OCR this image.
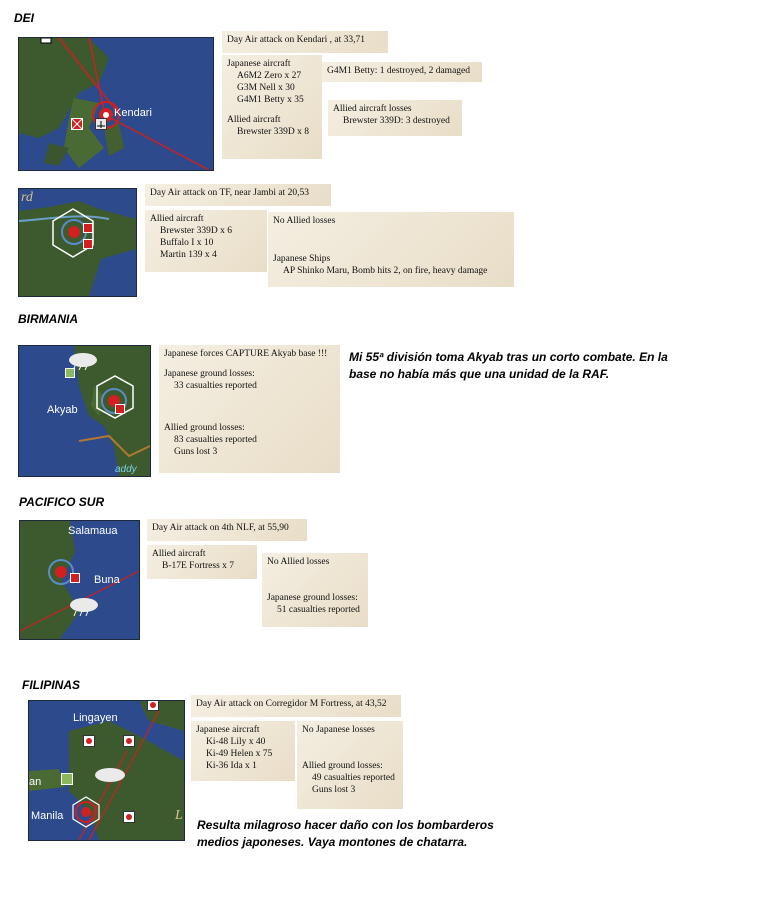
DEI
Kendari
Day Air attack on Kendari , at 33,71
Japanese aircraft
A6M2 Zero x 27
G3M Nell x 30
G4M1 Betty x 35
Allied aircraft
Brewster 339D x 8
G4M1 Betty: 1 destroyed, 2 damaged
Allied aircraft losses
Brewster 339D: 3 destroyed
rd	Day Air attack on TF, near Jambi at 20,53
Allied aircraft
Brewster 339D x 6
Buffalo I x 10
Martin 139 x 4
No Allied losses
Japanese Ships
AP Shinko Maru, Bomb hits 2, on fire, heavy damage
BIRMANIA
Akyab
addy
Japanese forces CAPTURE Akyab base !!!
Japanese ground losses:
33 casualties reported
Allied ground losses:
83 casualties reported
Guns lost 3
Mi 55ª división toma Akyab tras un corto combate. En la
base no había más que una unidad de la RAF.
PACIFICO SUR
Salamaua
Buna
Day Air attack on 4th NLF, at 55,90
Allied aircraft
B-17E Fortress x 7	No Allied losses
Japanese ground losses:
51 casualties reported
FILIPINAS
Lingayen
an
Manila	L
Day Air attack on Corregidor M Fortress, at 43,52
Japanese aircraft
Ki-48 Lily x 40
Ki-49 Helen x 75
Ki-36 Ida x 1
No Japanese losses
Allied ground losses:
49 casualties reported
Guns lost 3
Resulta milagroso hacer daño con los bombarderos
medios japoneses. Vaya montones de chatarra.
